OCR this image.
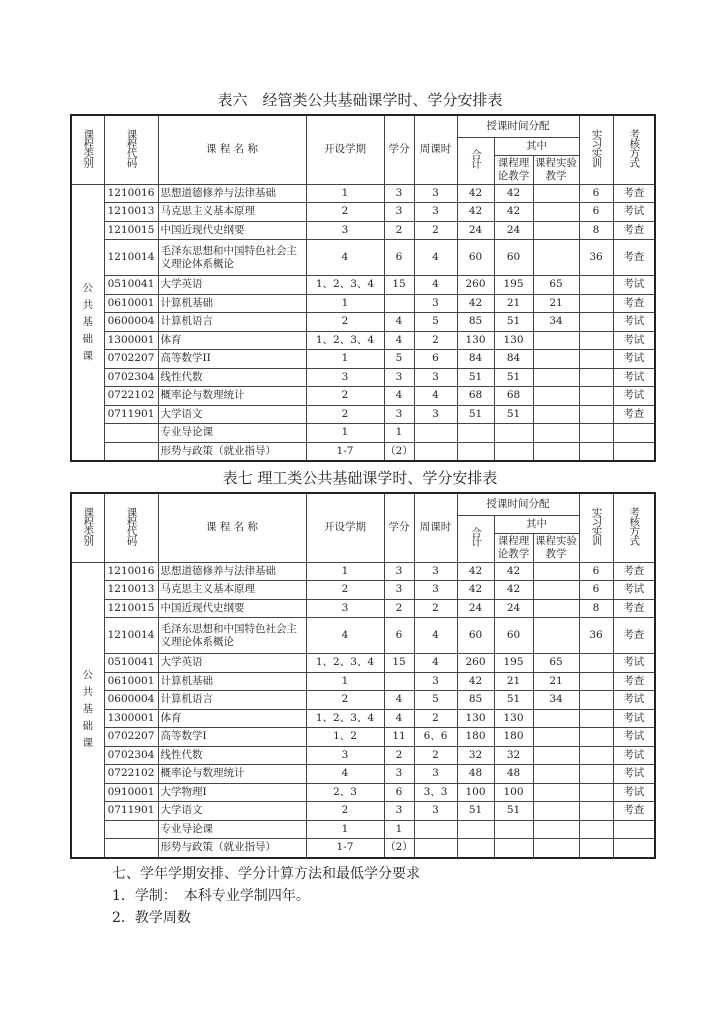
表六　经管类公共基础课学时、学分安排表
课程类别	课程代码	课 程 名 称	开设学期	学分	周课时	授课时间分配			实习实训	考核方式
						合计	其中			
							课程理论教学	课程实验教学		
公共基础课	1210016	思想道德修养与法律基础	1	3	3	42	42		6	考查
	1210013	马克思主义基本原理	2	3	3	42	42		6	考试
	1210015	中国近现代史纲要	3	2	2	24	24		8	考查
	1210014	毛泽东思想和中国特色社会主义理论体系概论	4	6	4	60	60		36	考查
	0510041	大学英语	1、2、3、4	15	4	260	195	65		考试
	0610001	计算机基础	1		3	42	21	21		考查
	0600004	计算机语言	2	4	5	85	51	34		考试
	1300001	体育	1、2、3、4	4	2	130	130			考试
	0702207	高等数学II	1	5	6	84	84			考试
	0702304	线性代数	3	3	3	51	51			考试
	0722102	概率论与数理统计	2	4	4	68	68			考试
	0711901	大学语文	2	3	3	51	51			考查
		专业导论课	1	1						
		形势与政策（就业指导）	1-7	（2）						
表七 理工类公共基础课学时、学分安排表
课程类别	课程代码	课 程 名 称	开设学期	学分	周课时	授课时间分配			实习实训	考核方式
						合计	其中			
							课程理论教学	课程实验教学		
公共基础课	1210016	思想道德修养与法律基础	1	3	3	42	42		6	考查
	1210013	马克思主义基本原理	2	3	3	42	42		6	考试
	1210015	中国近现代史纲要	3	2	2	24	24		8	考查
	1210014	毛泽东思想和中国特色社会主义理论体系概论	4	6	4	60	60		36	考查
	0510041	大学英语	1、2、3、4	15	4	260	195	65		考试
	0610001	计算机基础	1		3	42	21	21		考查
	0600004	计算机语言	2	4	5	85	51	34		考试
	1300001	体育	1、2、3、4	4	2	130	130			考试
	0702207	高等数学I	1、2	11	6、6	180	180			考试
	0702304	线性代数	3	2	2	32	32			考试
	0722102	概率论与数理统计	4	3	3	48	48			考试
	0910001	大学物理I	2、3	6	3、3	100	100			考试
	0711901	大学语文	2	3	3	51	51			考查
		专业导论课	1	1						
		形势与政策（就业指导）	1-7	（2）						
七、学年学期安排、学分计算方法和最低学分要求
1．学制：　本科专业学制四年。
2．教学周数
